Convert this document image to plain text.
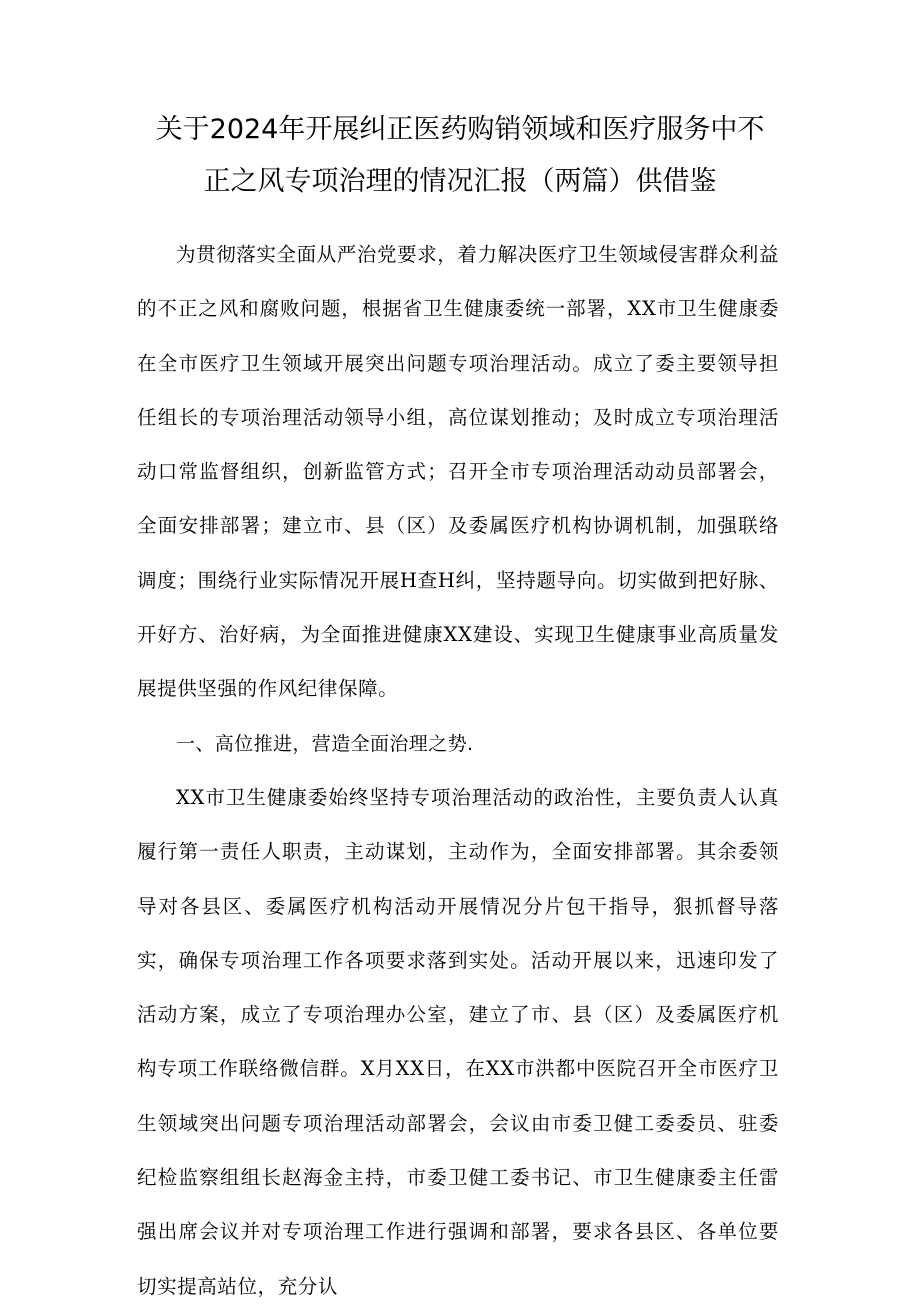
关于2024年开展纠正医药购销领域和医疗服务中不
正之风专项治理的情况汇报（两篇）供借鉴

为贯彻落实全面从严治党要求，着力解决医疗卫生领域侵害群众利益的不正之风和腐败问题，根据省卫生健康委统一部署，XX市卫生健康委在全市医疗卫生领域开展突出问题专项治理活动。成立了委主要领导担任组长的专项治理活动领导小组，高位谋划推动；及时成立专项治理活动口常监督组织，创新监管方式；召开全市专项治理活动动员部署会，全面安排部署；建立市、县（区）及委属医疗机构协调机制，加强联络调度；围绕行业实际情况开展H查H纠，坚持题导向。切实做到把好脉、开好方、治好病，为全面推进健康XX建设、实现卫生健康事业高质量发展提供坚强的作风纪律保障。

一、高位推进，营造全面治理之势.

XX市卫生健康委始终坚持专项治理活动的政治性，主要负责人认真履行第一责任人职责，主动谋划，主动作为，全面安排部署。其余委领导对各县区、委属医疗机构活动开展情况分片包干指导，狠抓督导落实，确保专项治理工作各项要求落到实处。活动开展以来，迅速印发了活动方案，成立了专项治理办公室，建立了市、县（区）及委属医疗机构专项工作联络微信群。X月XX日，在XX市洪都中医院召开全市医疗卫生领域突出问题专项治理活动部署会，会议由市委卫健工委委员、驻委纪检监察组组长赵海金主持，市委卫健工委书记、市卫生健康委主任雷强出席会议并对专项治理工作进行强调和部署，要求各县区、各单位要切实提高站位，充分认
